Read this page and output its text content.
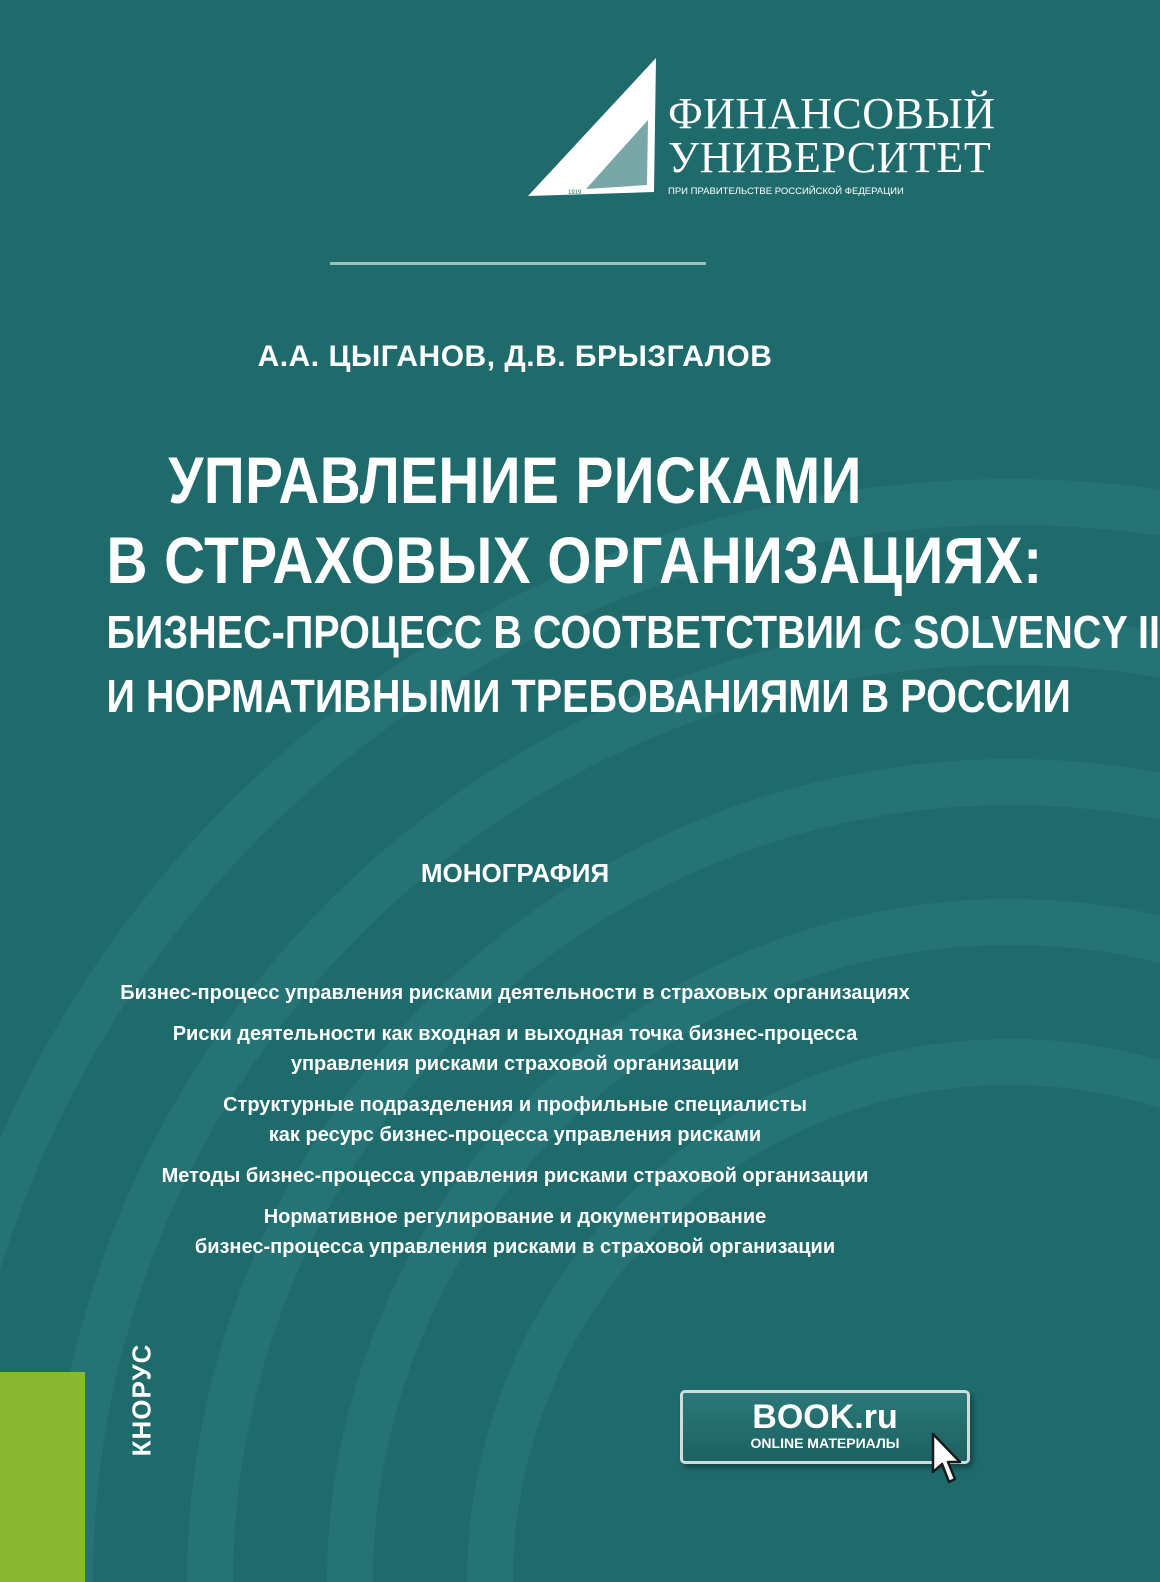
1919
ФИНАНСОВЫЙ
УНИВЕРСИТЕТ
ПРИ ПРАВИТЕЛЬСТВЕ РОССИЙСКОЙ ФЕДЕРАЦИИ
А.А. ЦЫГАНОВ, Д.В. БРЫЗГАЛОВ
УПРАВЛЕНИЕ РИСКАМИ
В СТРАХОВЫХ ОРГАНИЗАЦИЯХ:
БИЗНЕС-ПРОЦЕСС В СООТВЕТСТВИИ С SOLVENCY II
И НОРМАТИВНЫМИ ТРЕБОВАНИЯМИ В РОССИИ
МОНОГРАФИЯ
Бизнес-процесс управления рисками деятельности в страховых организациях
Риски деятельности как входная и выходная точка бизнес-процесса
управления рисками страховой организации
Структурные подразделения и профильные специалисты
как ресурс бизнес-процесса управления рисками
Методы бизнес-процесса управления рисками страховой организации
Нормативное регулирование и документирование
бизнес-процесса управления рисками в страховой организации
КНОРУС	BOOK.ru
ONLINE МАТЕРИАЛЫ
